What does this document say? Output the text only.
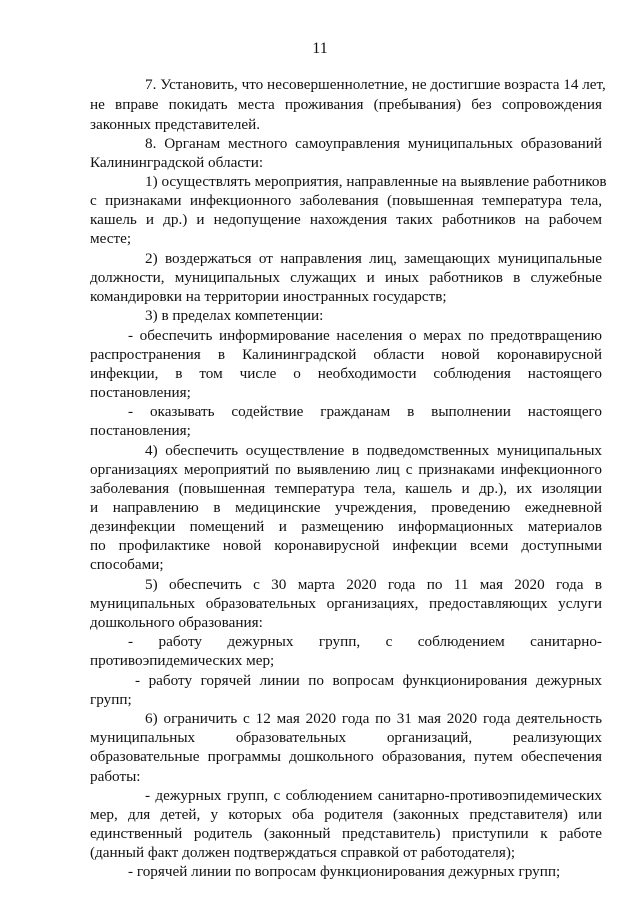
11
7. Установить, что несовершеннолетние, не достигшие возраста 14 лет,
не вправе покидать места проживания (пребывания) без сопровождения
законных представителей.
8. Органам местного самоуправления муниципальных образований
Калининградской области:
1) осуществлять мероприятия, направленные на выявление работников
с признаками инфекционного заболевания (повышенная температура тела,
кашель и др.) и недопущение нахождения таких работников на рабочем
месте;
2) воздержаться от направления лиц, замещающих муниципальные
должности, муниципальных служащих и иных работников в служебные
командировки на территории иностранных государств;
3) в пределах компетенции:
- обеспечить информирование населения о мерах по предотвращению
распространения в Калининградской области новой коронавирусной
инфекции, в том числе о необходимости соблюдения настоящего
постановления;
- оказывать содействие гражданам в выполнении настоящего
постановления;
4) обеспечить осуществление в подведомственных муниципальных
организациях мероприятий по выявлению лиц с признаками инфекционного
заболевания (повышенная температура тела, кашель и др.), их изоляции
и направлению в медицинские учреждения, проведению ежедневной
дезинфекции помещений и размещению информационных материалов
по профилактике новой коронавирусной инфекции всеми доступными
способами;
5) обеспечить с 30 марта 2020 года по 11 мая 2020 года в
муниципальных образовательных организациях, предоставляющих услуги
дошкольного образования:
- работу дежурных групп, с соблюдением санитарно-
противоэпидемических мер;
- работу горячей линии по вопросам функционирования дежурных
групп;
6) ограничить с 12 мая 2020 года по 31 мая 2020 года деятельность
муниципальных образовательных организаций, реализующих
образовательные программы дошкольного образования, путем обеспечения
работы:
- дежурных групп, с соблюдением санитарно-противоэпидемических
мер, для детей, у которых оба родителя (законных представителя) или
единственный родитель (законный представитель) приступили к работе
(данный факт должен подтверждаться справкой от работодателя);
- горячей линии по вопросам функционирования дежурных групп;
